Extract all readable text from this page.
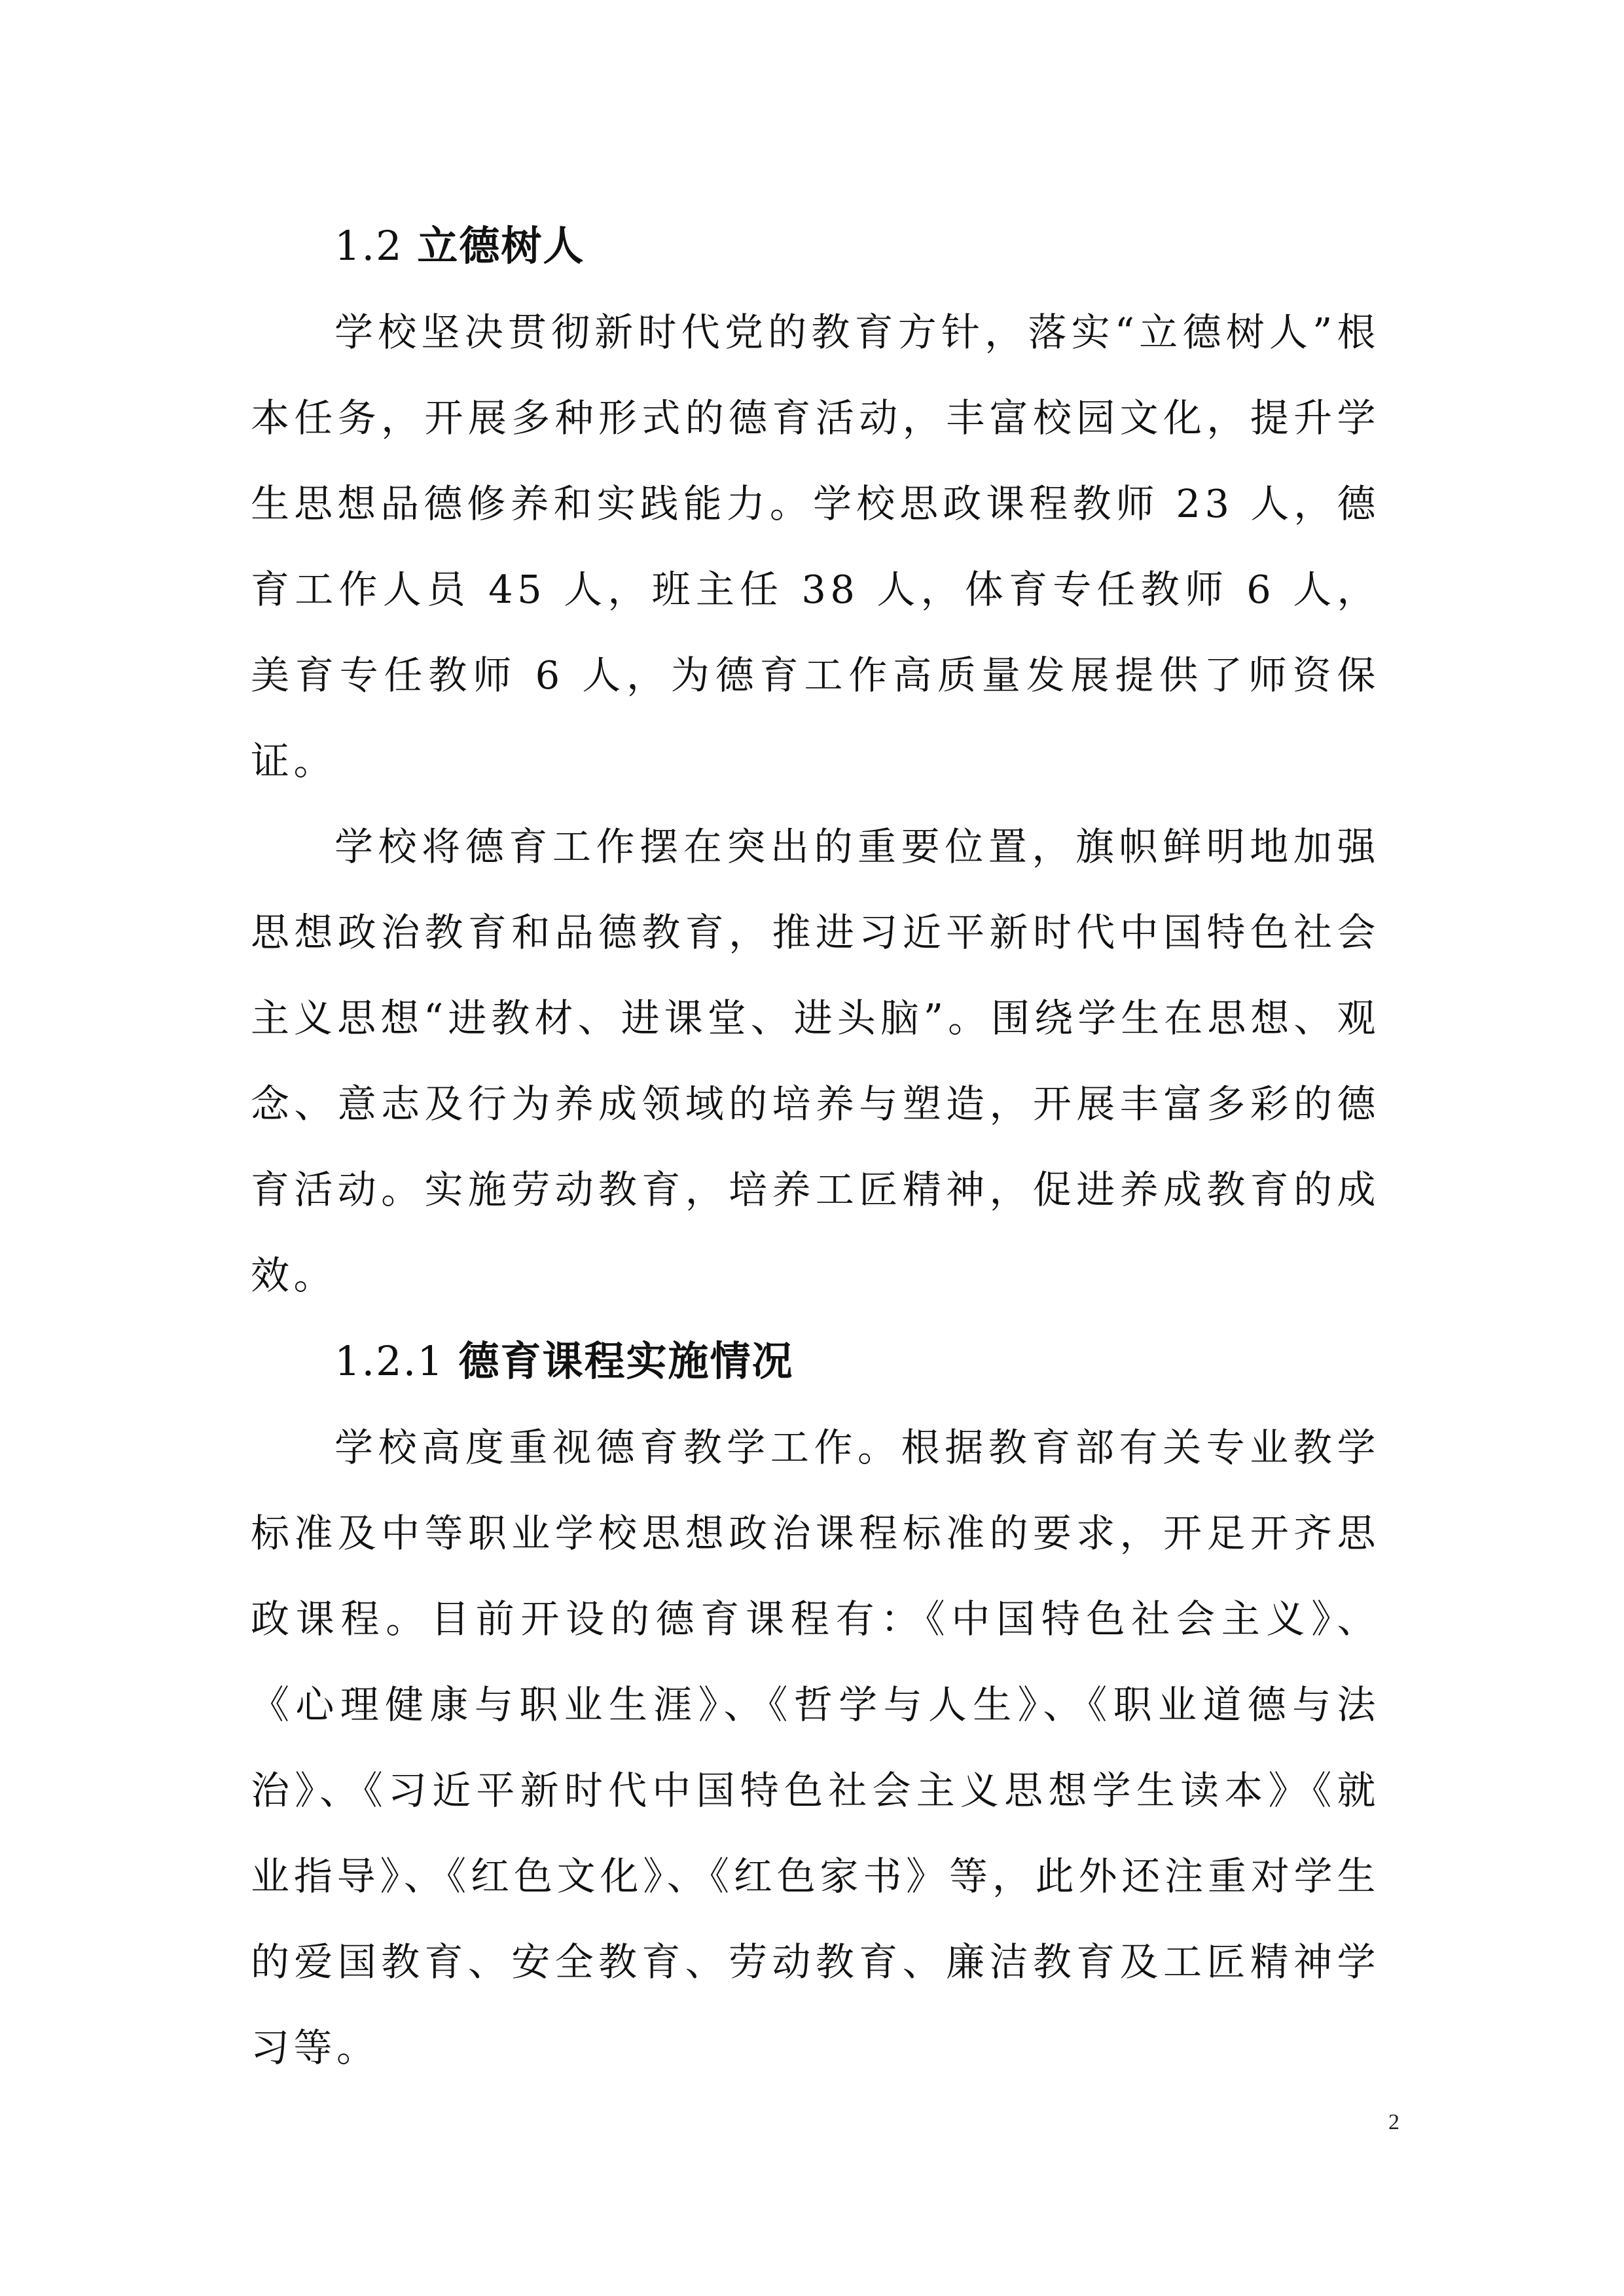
1.2 立德树人

学校坚决贯彻新时代党的教育方针，落实“立德树人”根本任务，开展多种形式的德育活动，丰富校园文化，提升学生思想品德修养和实践能力。学校思政课程教师 23 人，德育工作人员 45 人，班主任 38 人，体育专任教师 6 人，美育专任教师 6 人，为德育工作高质量发展提供了师资保证。

学校将德育工作摆在突出的重要位置，旗帜鲜明地加强思想政治教育和品德教育，推进习近平新时代中国特色社会主义思想“进教材、进课堂、进头脑”。围绕学生在思想、观念、意志及行为养成领域的培养与塑造，开展丰富多彩的德育活动。实施劳动教育，培养工匠精神，促进养成教育的成效。

1.2.1 德育课程实施情况

学校高度重视德育教学工作。根据教育部有关专业教学标准及中等职业学校思想政治课程标准的要求，开足开齐思政课程。目前开设的德育课程有：《中国特色社会主义》、《心理健康与职业生涯》、《哲学与人生》、《职业道德与法治》、《习近平新时代中国特色社会主义思想学生读本》《就业指导》、《红色文化》、《红色家书》等，此外还注重对学生的爱国教育、安全教育、劳动教育、廉洁教育及工匠精神学习等。

2
